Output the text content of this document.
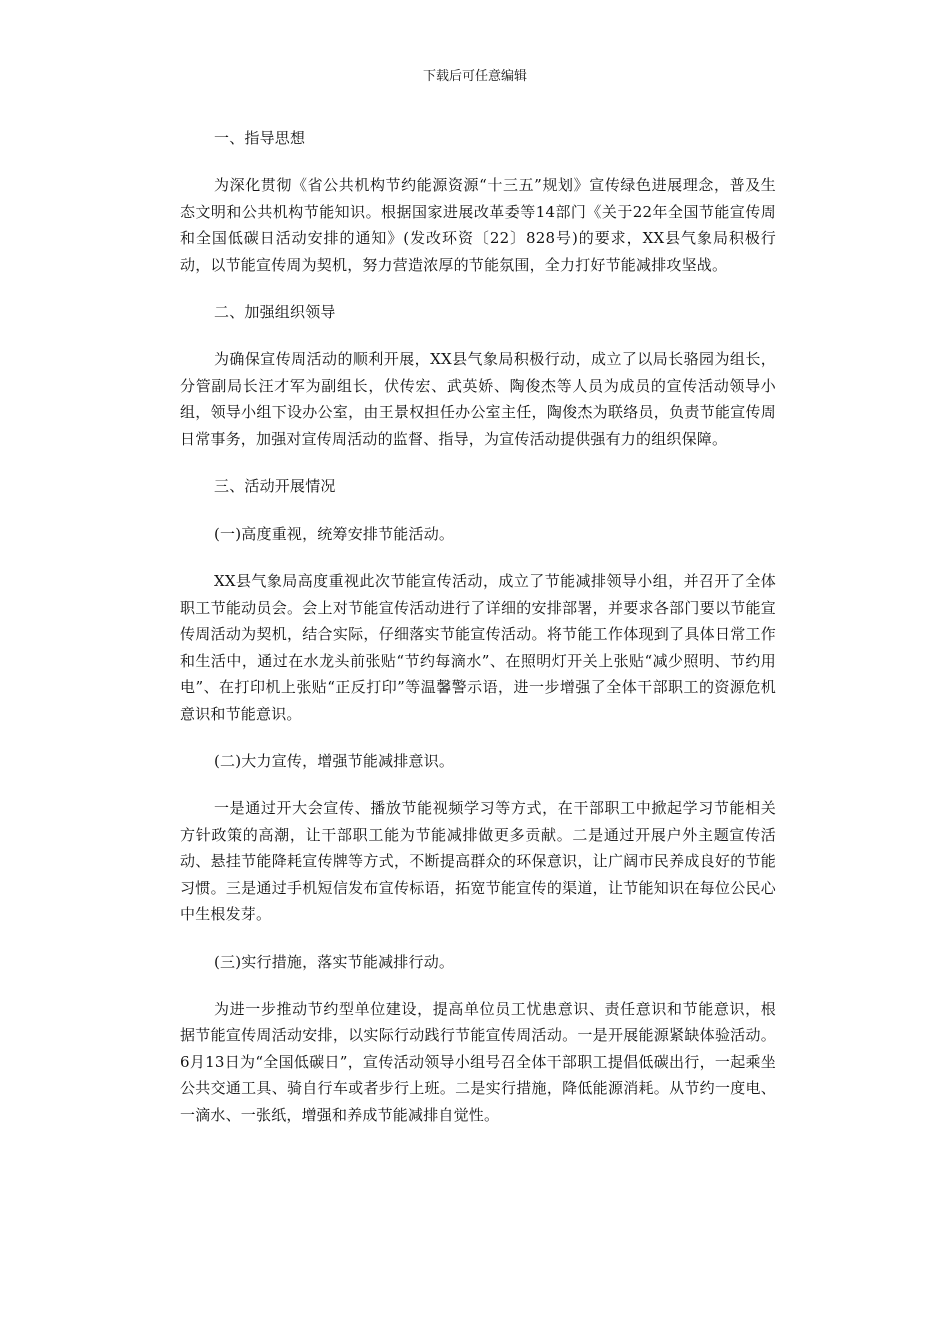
下载后可任意编辑

一、指导思想

为深化贯彻《省公共机构节约能源资源“十三五”规划》宣传绿色进展理念，普及生态文明和公共机构节能知识。根据国家进展改革委等14部门《关于22年全国节能宣传周和全国低碳日活动安排的通知》(发改环资〔22〕828号)的要求，XX县气象局积极行动，以节能宣传周为契机，努力营造浓厚的节能氛围，全力打好节能减排攻坚战。

二、加强组织领导

为确保宣传周活动的顺利开展，XX县气象局积极行动，成立了以局长骆园为组长，分管副局长汪才军为副组长，伏传宏、武英娇、陶俊杰等人员为成员的宣传活动领导小组，领导小组下设办公室，由王景权担任办公室主任，陶俊杰为联络员，负责节能宣传周日常事务，加强对宣传周活动的监督、指导，为宣传活动提供强有力的组织保障。

三、活动开展情况

(一)高度重视，统筹安排节能活动。

XX县气象局高度重视此次节能宣传活动，成立了节能减排领导小组，并召开了全体职工节能动员会。会上对节能宣传活动进行了详细的安排部署，并要求各部门要以节能宣传周活动为契机，结合实际，仔细落实节能宣传活动。将节能工作体现到了具体日常工作和生活中，通过在水龙头前张贴“节约每滴水”、在照明灯开关上张贴“减少照明、节约用电”、在打印机上张贴“正反打印”等温馨警示语，进一步增强了全体干部职工的资源危机意识和节能意识。

(二)大力宣传，增强节能减排意识。

一是通过开大会宣传、播放节能视频学习等方式，在干部职工中掀起学习节能相关方针政策的高潮，让干部职工能为节能减排做更多贡献。二是通过开展户外主题宣传活动、悬挂节能降耗宣传牌等方式，不断提高群众的环保意识，让广阔市民养成良好的节能习惯。三是通过手机短信发布宣传标语，拓宽节能宣传的渠道，让节能知识在每位公民心中生根发芽。

(三)实行措施，落实节能减排行动。

为进一步推动节约型单位建设，提高单位员工忧患意识、责任意识和节能意识，根据节能宣传周活动安排，以实际行动践行节能宣传周活动。一是开展能源紧缺体验活动。6月13日为“全国低碳日”，宣传活动领导小组号召全体干部职工提倡低碳出行，一起乘坐公共交通工具、骑自行车或者步行上班。二是实行措施，降低能源消耗。从节约一度电、一滴水、一张纸，增强和养成节能减排自觉性。
